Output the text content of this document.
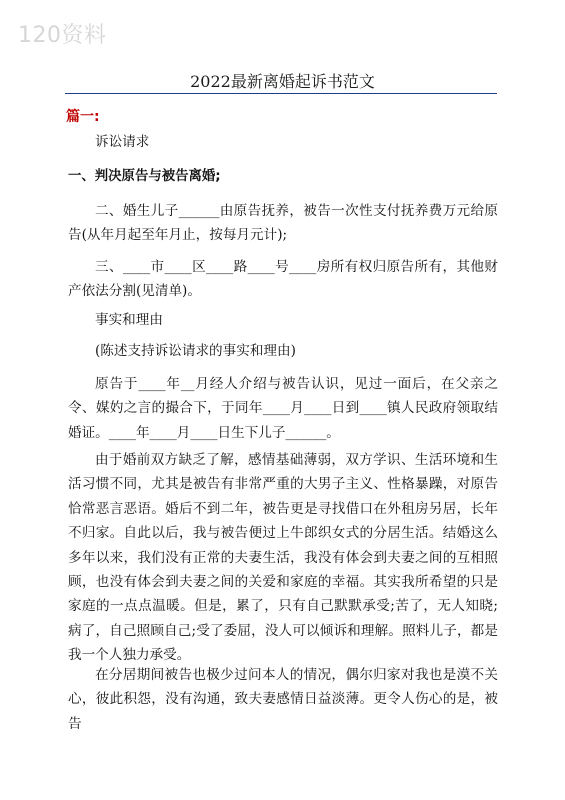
120资料
2022最新离婚起诉书范文
篇一:
诉讼请求
一、判决原告与被告离婚;

二、婚生儿子______由原告抚养，被告一次性支付抚养费万元给原告(从年月起至年月止，按每月元计);

三、____市____区____路____号____房所有权归原告所有，其他财产依法分割(见清单)。

事实和理由
(陈述支持诉讼请求的事实和理由)

原告于____年__月经人介绍与被告认识，见过一面后，在父亲之令、媒妁之言的撮合下，于同年____月____日到____镇人民政府领取结婚证。____年____月____日生下儿子______。

由于婚前双方缺乏了解，感情基础薄弱，双方学识、生活环境和生活习惯不同，尤其是被告有非常严重的大男子主义、性格暴躁，对原告恰常恶言恶语。婚后不到二年，被告更是寻找借口在外租房另居，长年不归家。自此以后，我与被告便过上牛郎织女式的分居生活。结婚这么多年以来，我们没有正常的夫妻生活，我没有体会到夫妻之间的互相照顾，也没有体会到夫妻之间的关爱和家庭的幸福。其实我所希望的只是家庭的一点点温暖。但是，累了，只有自己默默承受;苦了，无人知晓;病了，自己照顾自己;受了委屈，没人可以倾诉和理解。照料儿子，都是我一个人独力承受。

在分居期间被告也极少过问本人的情况，偶尔归家对我也是漠不关心，彼此积怨，没有沟通，致夫妻感情日益淡薄。更令人伤心的是，被告
